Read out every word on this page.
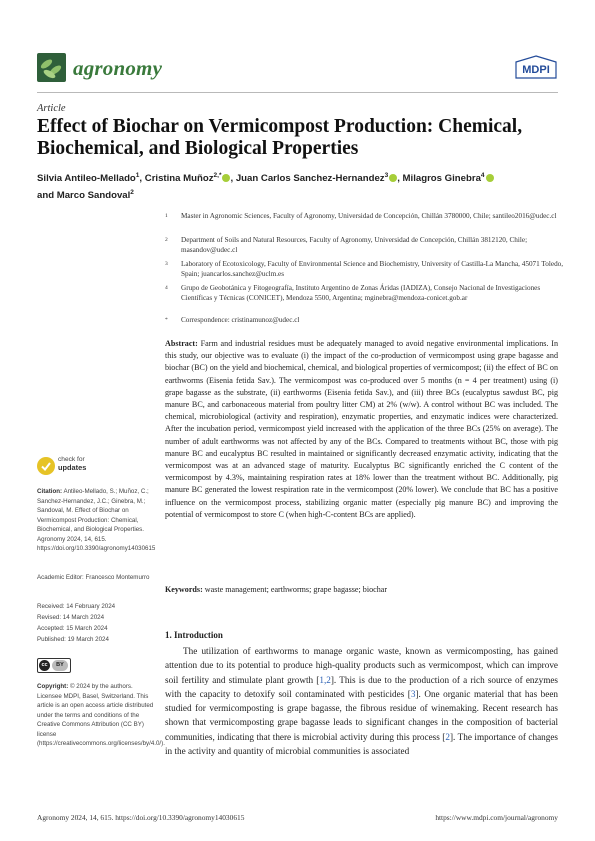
agronomy	MDPI
Article
Effect of Biochar on Vermicompost Production: Chemical, Biochemical, and Biological Properties
Silvia Antileo-Mellado$^1$, Cristina Muñoz$^{2,*}$ , Juan Carlos Sanchez-Hernandez$^3$ , Milagros Ginebra$^4$
and Marco Sandoval$^2$
1 Master in Agronomic Sciences, Faculty of Agronomy, Universidad de Concepción, Chillán 3780000, Chile; santileo2016@udec.cl
2 Department of Soils and Natural Resources, Faculty of Agronomy, Universidad de Concepción, Chillán 3812120, Chile; masandov@udec.cl
3 Laboratory of Ecotoxicology, Faculty of Environmental Science and Biochemistry, University of Castilla-La Mancha, 45071 Toledo, Spain; juancarlos.sanchez@uclm.es
4 Grupo de Geobotánica y Fitogeografía, Instituto Argentino de Zonas Áridas (IADIZA), Consejo Nacional de Investigaciones Científicas y Técnicas (CONICET), Mendoza 5500, Argentina; mginebra@mendoza-conicet.gob.ar
* Correspondence: cristinamunoz@udec.cl
Abstract: Farm and industrial residues must be adequately managed to avoid negative environmental implications. In this study, our objective was to evaluate (i) the impact of the co-production of vermicompost using grape bagasse and biochar (BC) on the yield and biochemical, chemical, and biological properties of vermicompost; (ii) the effect of BC on earthworms (Eisenia fetida Sav.). The vermicompost was co-produced over 5 months (n = 4 per treatment) using (i) grape bagasse as the substrate, (ii) earthworms (Eisenia fetida Sav.), and (iii) three BCs (eucalyptus sawdust BC, pig manure BC, and carbonaceous material from poultry litter CM) at 2% (w/w). A control without BC was included. The chemical, microbiological (activity and respiration), enzymatic properties, and enzymatic indices were characterized. After the incubation period, vermicompost yield increased with the application of the three BCs (25% on average). The number of adult earthworms was not affected by any of the BCs. Compared to treatments without BC, those with pig manure BC and eucalyptus BC resulted in maintained or significantly decreased enzymatic activity, indicating that the vermicompost was at an advanced stage of maturity. Eucalyptus BC significantly enriched the C content of the vermicompost by 4.3%, maintaining respiration rates at 18% lower than the treatment without BC. Additionally, pig manure BC generated the lowest respiration rate in the vermicompost (20% lower). We conclude that BC has a positive influence on the vermicompost process, stabilizing organic matter (especially pig manure BC) and improving the potential of vermicompost to store C (when high-C-content BCs are applied).
Keywords: waste management; earthworms; grape bagasse; biochar
1. Introduction
The utilization of earthworms to manage organic waste, known as vermicomposting, has gained attention due to its potential to produce high-quality products such as vermicompost, which can improve soil fertility and stimulate plant growth [1,2]. This is due to the production of a rich source of enzymes with the capacity to detoxify soil contaminated with pesticides [3]. One organic material that has been studied for vermicomposting is grape bagasse, the fibrous residue of winemaking. Recent research has shown that vermicomposting grape bagasse leads to significant changes in the composition of bacterial communities, indicating that there is microbial activity during this process [2]. The importance of changes in the activity and quantity of microbial communities is associated
check for
updates
Citation: Antileo-Mellado, S.; Muñoz, C.; Sanchez-Hernandez, J.C.; Ginebra, M.; Sandoval, M. Effect of Biochar on Vermicompost Production: Chemical, Biochemical, and Biological Properties. Agronomy 2024, 14, 615. https://doi.org/10.3390/agronomy14030615
Academic Editor: Francesco Montemurro
Received: 14 February 2024
Revised: 14 March 2024
Accepted: 15 March 2024
Published: 19 March 2024
cc	BY
Copyright: © 2024 by the authors. Licensee MDPI, Basel, Switzerland. This article is an open access article distributed under the terms and conditions of the Creative Commons Attribution (CC BY) license (https://creativecommons.org/licenses/by/4.0/).
Agronomy 2024, 14, 615. https://doi.org/10.3390/agronomy14030615	https://www.mdpi.com/journal/agronomy
